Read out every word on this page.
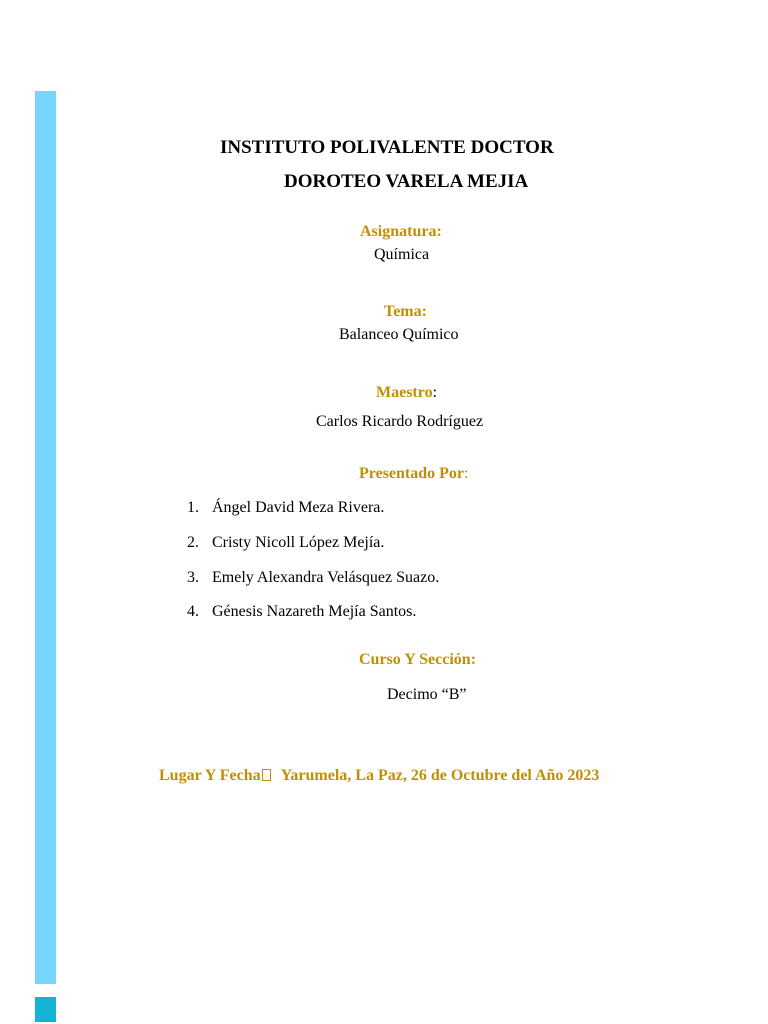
INSTITUTO POLIVALENTE DOCTOR
DOROTEO VARELA MEJIA
Asignatura:
Química
Tema:
Balanceo Químico
Maestro:
Carlos Ricardo Rodríguez
Presentado Por:
1. Ángel David Meza Rivera.
2. Cristy Nicoll López Mejía.
3. Emely Alexandra Velásquez Suazo.
4. Génesis Nazareth Mejía Santos.
Curso Y Sección:
Decimo “B”
Lugar Y Fecha Yarumela, La Paz, 26 de Octubre del Año 2023
